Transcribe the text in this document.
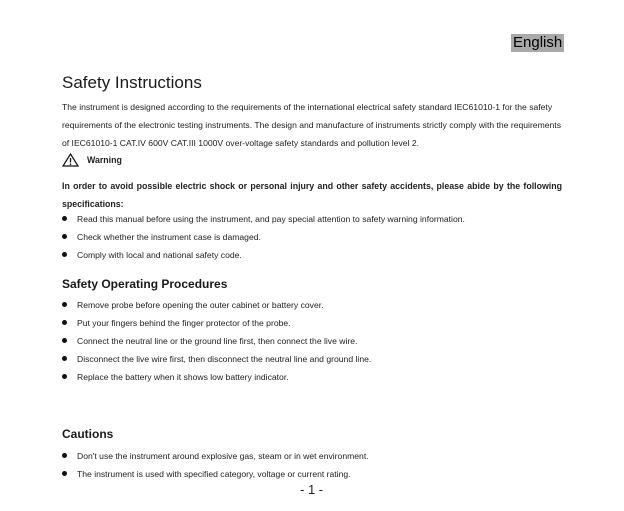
English
Safety Instructions

The instrument is designed according to the requirements of the international electrical safety standard IEC61010-1 for the safety requirements of the electronic testing instruments. The design and manufacture of instruments strictly comply with the requirements of IEC61010-1 CAT.IV 600V CAT.III 1000V over-voltage safety standards and pollution level 2.

Warning

In order to avoid possible electric shock or personal injury and other safety accidents, please abide by the following specifications:

Read this manual before using the instrument, and pay special attention to safety warning information.
Check whether the instrument case is damaged.
Comply with local and national safety code.
Safety Operating Procedures
Remove probe before opening the outer cabinet or battery cover.
Put your fingers behind the finger protector of the probe.
Connect the neutral line or the ground line first, then connect the live wire.
Disconnect the live wire first, then disconnect the neutral line and ground line.
Replace the battery when it shows low battery indicator.
Cautions
Don't use the instrument around explosive gas, steam or in wet environment.
The instrument is used with specified category, voltage or current rating.
- 1 -
